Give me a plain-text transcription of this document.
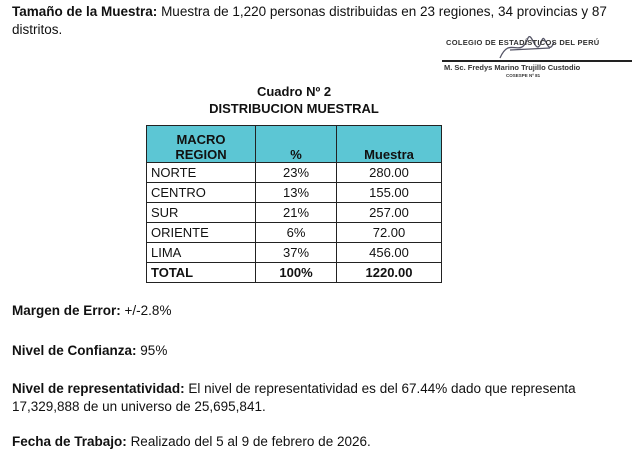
Tamaño de la Muestra: Muestra de 1,220 personas distribuidas en 23 regiones, 34 provincias y 87
distritos.

COLEGIO DE ESTADÍSTICOS DEL PERÚ
M. Sc. Fredys Marino Trujillo Custodio
COSESPE Nº 81
Cuadro Nº 2
DISTRIBUCION MUESTRAL
MACRO
REGION	%	Muestra
NORTE	23%	280.00
CENTRO	13%	155.00
SUR	21%	257.00
ORIENTE	6%	72.00
LIMA	37%	456.00
TOTAL	100%	1220.00

Margen de Error: +/-2.8%

Nivel de Confianza: 95%

Nivel de representatividad: El nivel de representatividad es del 67.44% dado que representa
17,329,888 de un universo de 25,695,841.

Fecha de Trabajo: Realizado del 5 al 9 de febrero de 2026.
